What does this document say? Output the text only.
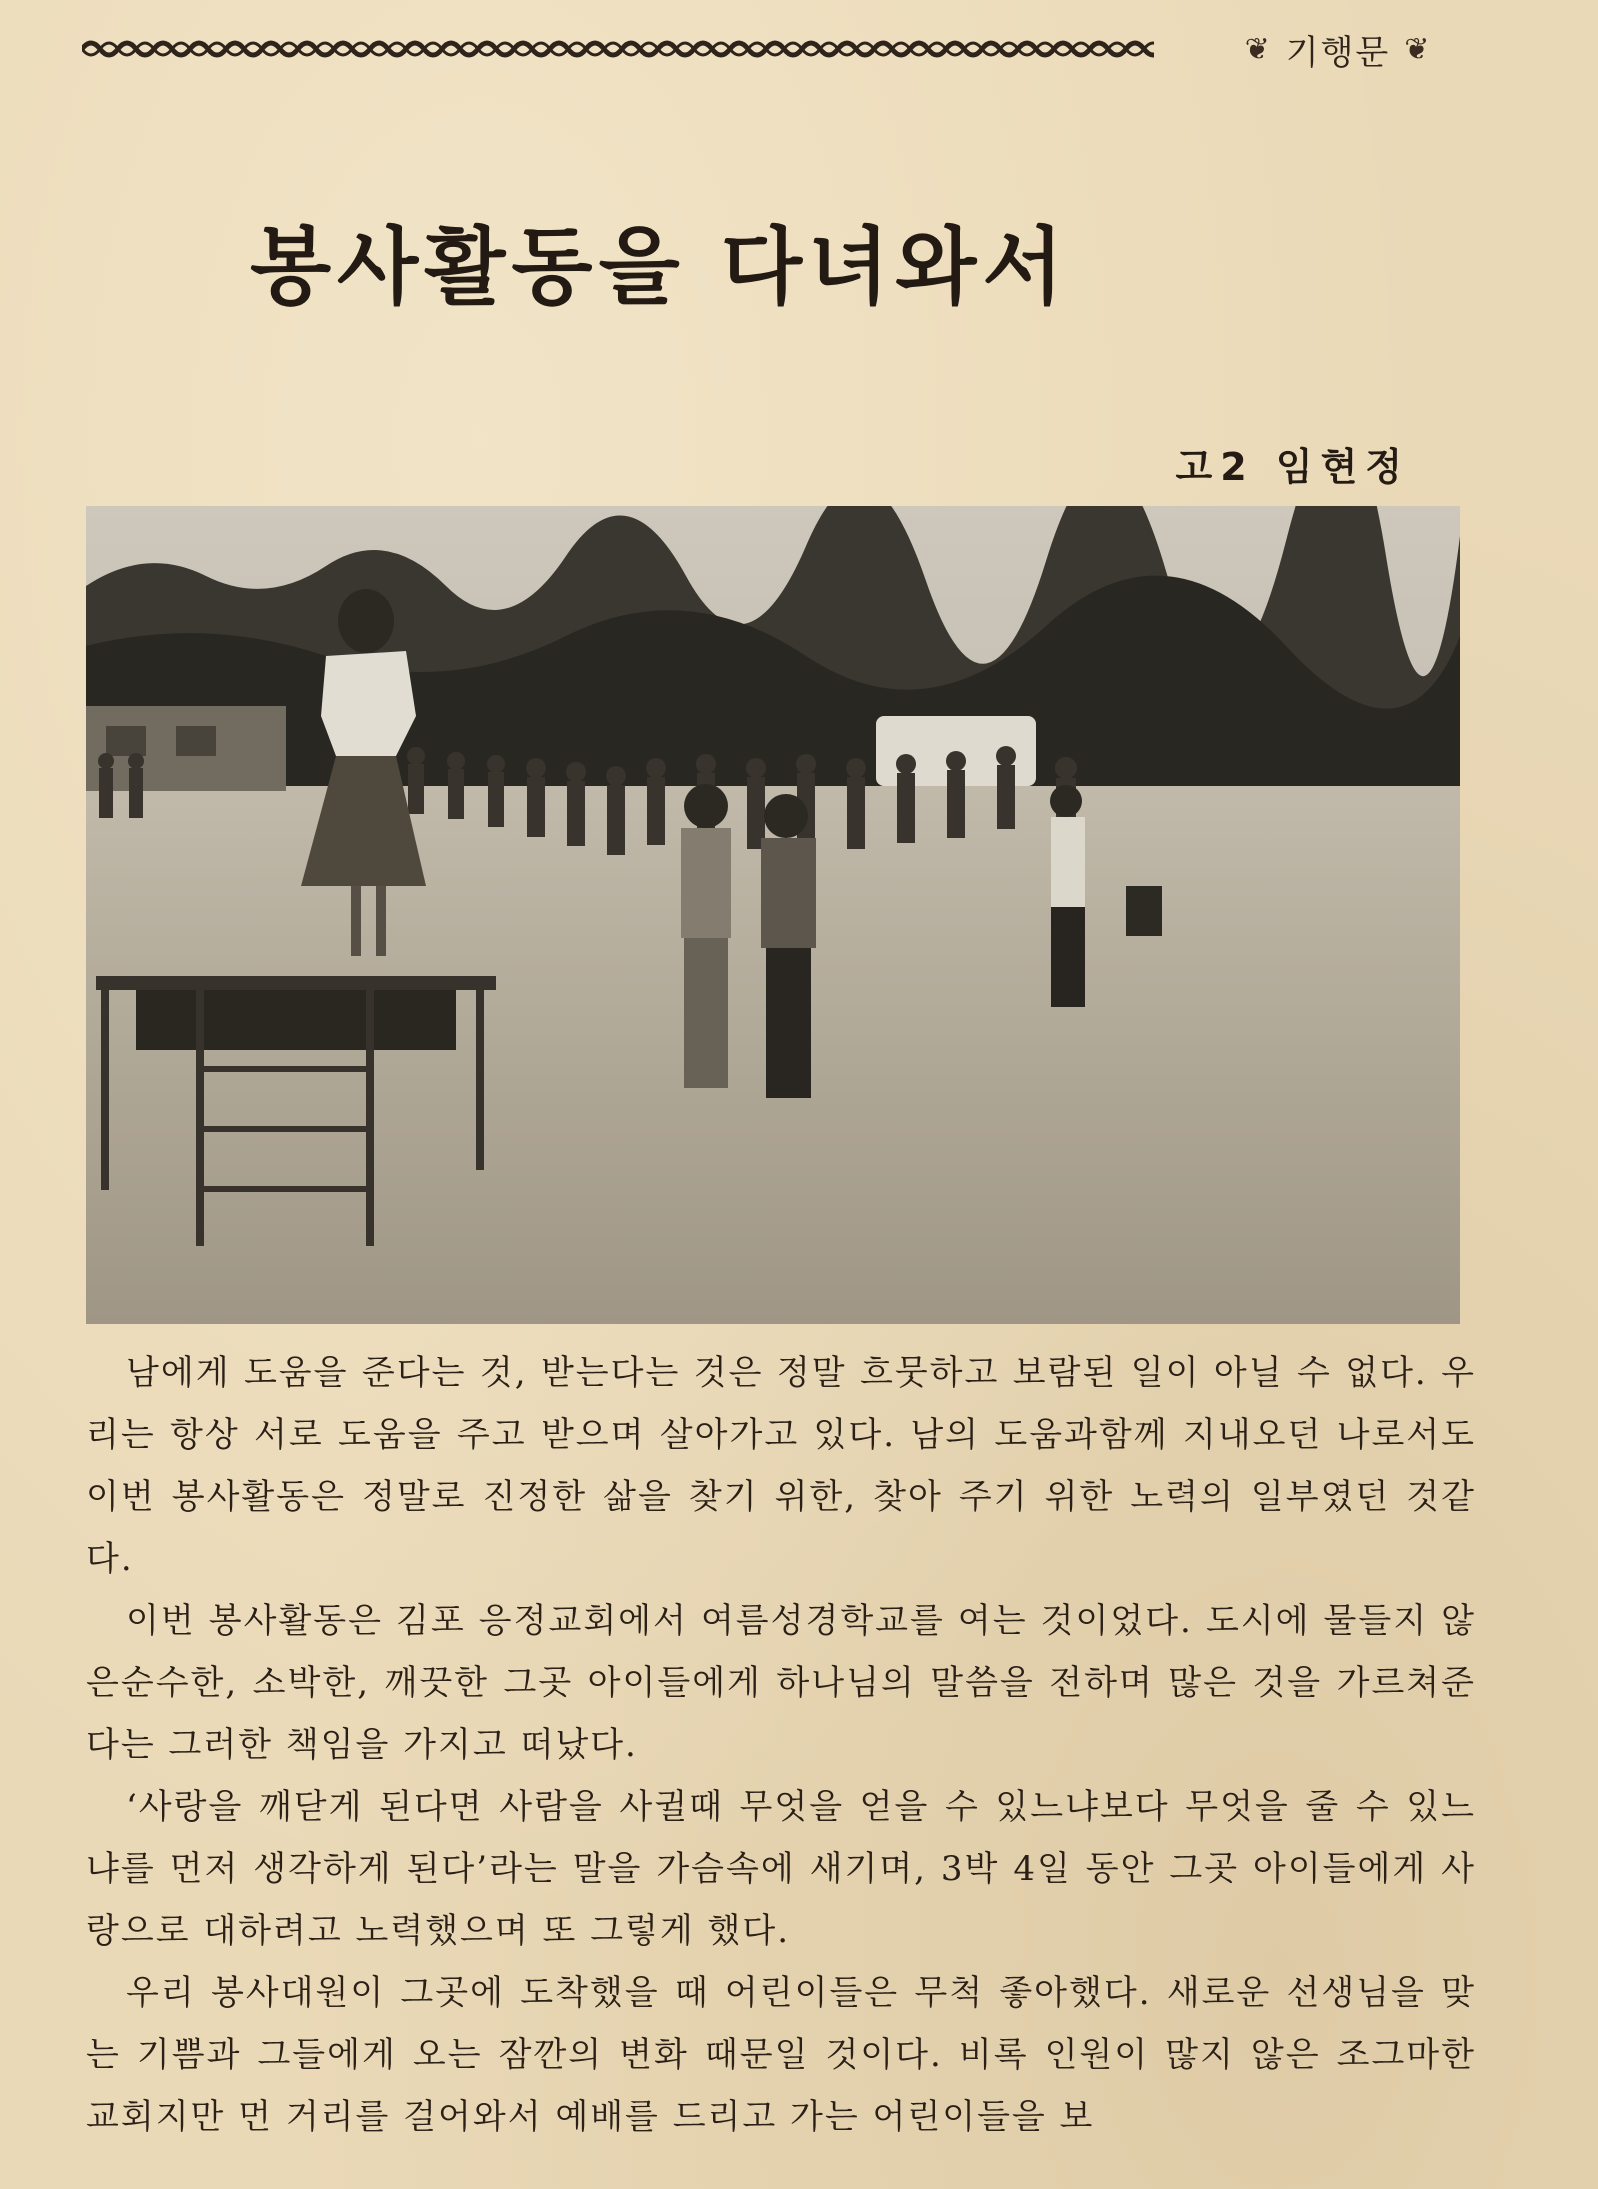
❦ 기행문 ❦
봉사활동을 다녀와서
고2 임현정

남에게 도움을 준다는 것, 받는다는 것은 정말 흐뭇하고 보람된 일이 아닐 수 없다. 우리는 항상 서로 도움을 주고 받으며 살아가고 있다. 남의 도움과함께 지내오던 나로서도 이번 봉사활동은 정말로 진정한 삶을 찾기 위한, 찾아 주기 위한 노력의 일부였던 것같다.

이번 봉사활동은 김포 응정교회에서 여름성경학교를 여는 것이었다. 도시에 물들지 않은순수한, 소박한, 깨끗한 그곳 아이들에게 하나님의 말씀을 전하며 많은 것을 가르쳐준다는 그러한 책임을 가지고 떠났다.

‘사랑을 깨닫게 된다면 사람을 사귈때 무엇을 얻을 수 있느냐보다 무엇을 줄 수 있느냐를 먼저 생각하게 된다’라는 말을 가슴속에 새기며, 3박 4일 동안 그곳 아이들에게 사랑으로 대하려고 노력했으며 또 그렇게 했다.

우리 봉사대원이 그곳에 도착했을 때 어린이들은 무척 좋아했다. 새로운 선생님을 맞는 기쁨과 그들에게 오는 잠깐의 변화 때문일 것이다. 비록 인원이 많지 않은 조그마한 교회지만 먼 거리를 걸어와서 예배를 드리고 가는 어린이들을 보
